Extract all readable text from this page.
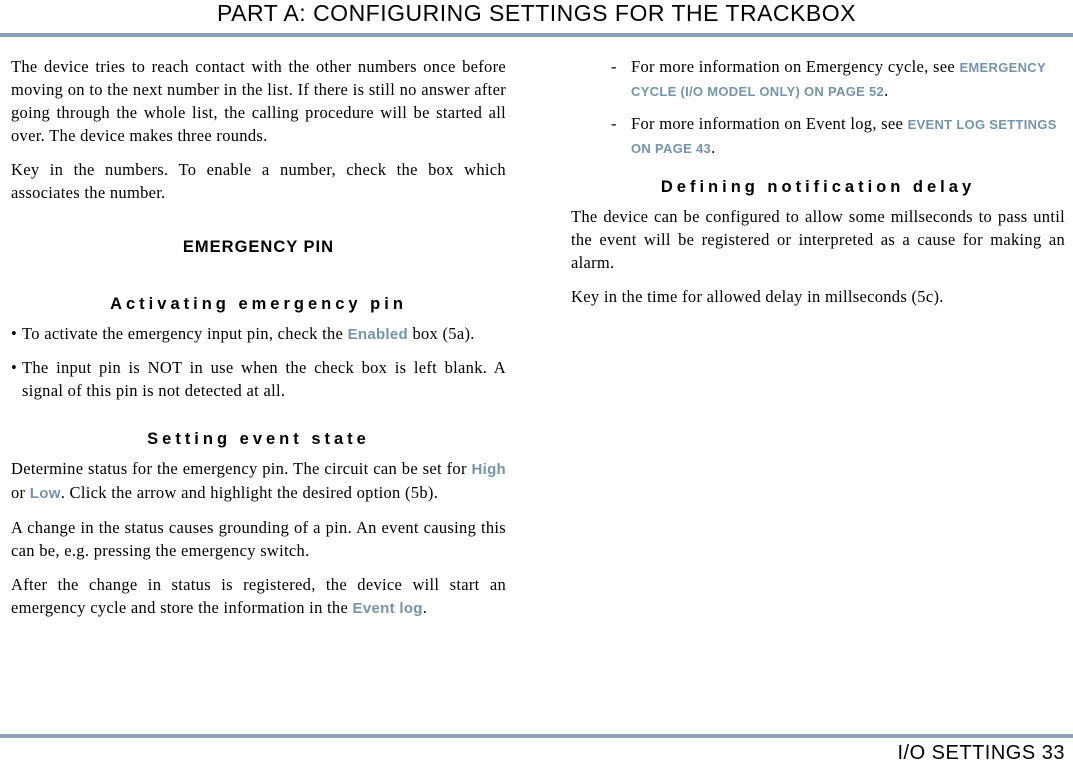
PART A: CONFIGURING SETTINGS FOR THE TRACKBOX

The device tries to reach contact with the other numbers once before moving on to the next number in the list. If there is still no answer after going through the whole list, the calling procedure will be started all over. The device makes three rounds.

Key in the numbers. To enable a number, check the box which associates the number.

EMERGENCY PIN
Activating emergency pin
• To activate the emergency input pin, check the Enabled box (5a).
• The input pin is NOT in use when the check box is left blank. A signal of this pin is not detected at all.
Setting event state

Determine status for the emergency pin. The circuit can be set for High or Low. Click the arrow and highlight the desired option (5b).

A change in the status causes grounding of a pin. An event causing this can be, e.g. pressing the emergency switch.

After the change in status is registered, the device will start an emergency cycle and store the information in the Event log.

- For more information on Emergency cycle, see EMERGENCY CYCLE (I/O MODEL ONLY) ON PAGE 52.
- For more information on Event log, see EVENT LOG SETTINGS ON PAGE 43.
Defining notification delay

The device can be configured to allow some millseconds to pass until the event will be registered or interpreted as a cause for making an alarm.

Key in the time for allowed delay in millseconds (5c).

I/O SETTINGS 33
